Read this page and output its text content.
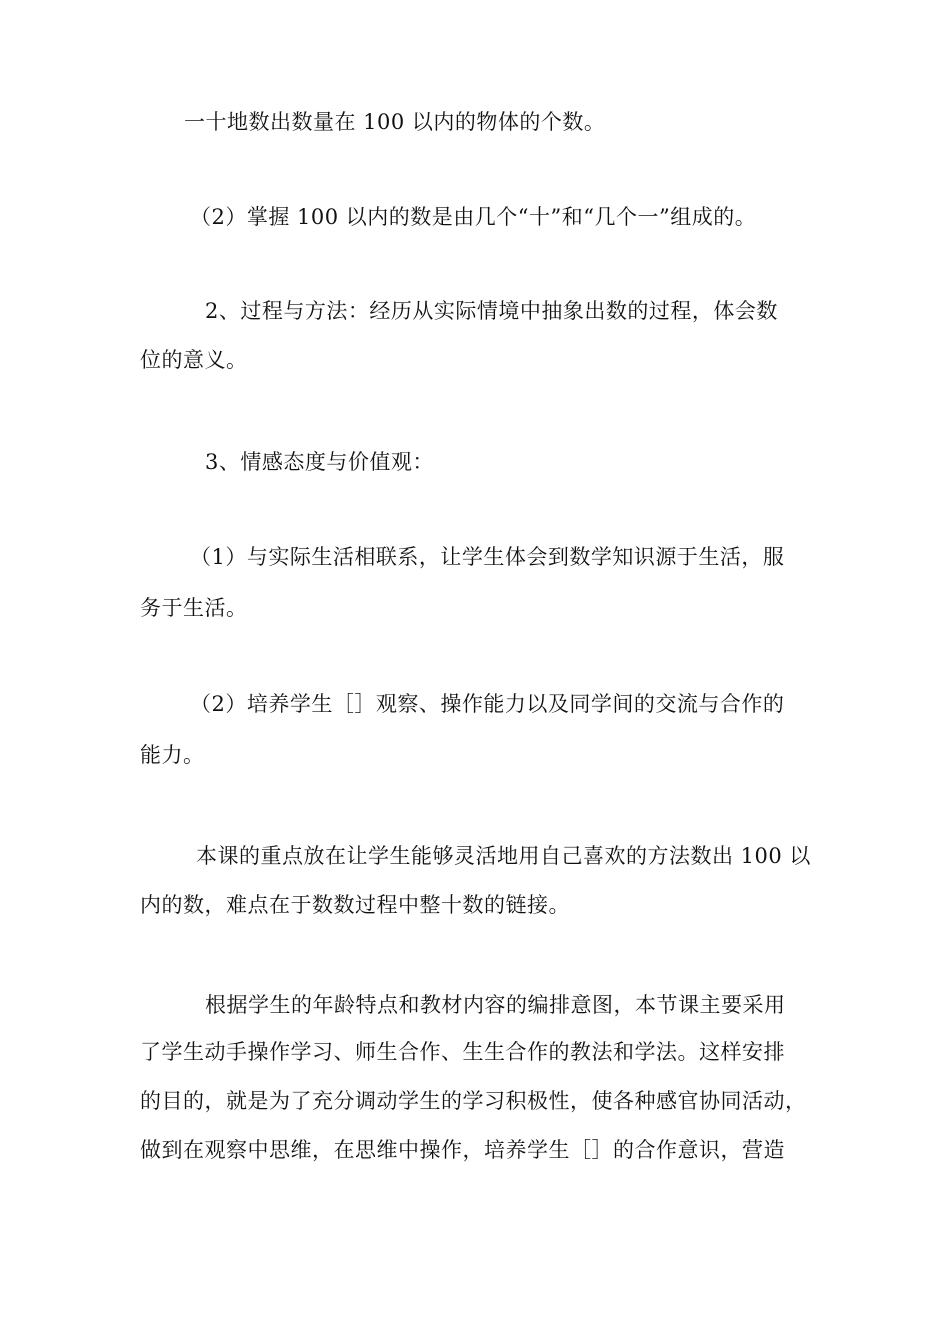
一十地数出数量在 100 以内的物体的个数。
（2）掌握 100 以内的数是由几个“十”和“几个一”组成的。
2、过程与方法：经历从实际情境中抽象出数的过程，体会数
位的意义。
3、情感态度与价值观：
（1）与实际生活相联系，让学生体会到数学知识源于生活，服
务于生活。
（2）培养学生［］观察、操作能力以及同学间的交流与合作的
能力。
本课的重点放在让学生能够灵活地用自己喜欢的方法数出 100 以
内的数，难点在于数数过程中整十数的链接。
根据学生的年龄特点和教材内容的编排意图，本节课主要采用
了学生动手操作学习、师生合作、生生合作的教法和学法。这样安排
的目的，就是为了充分调动学生的学习积极性，使各种感官协同活动，
做到在观察中思维，在思维中操作，培养学生［］的合作意识，营造
